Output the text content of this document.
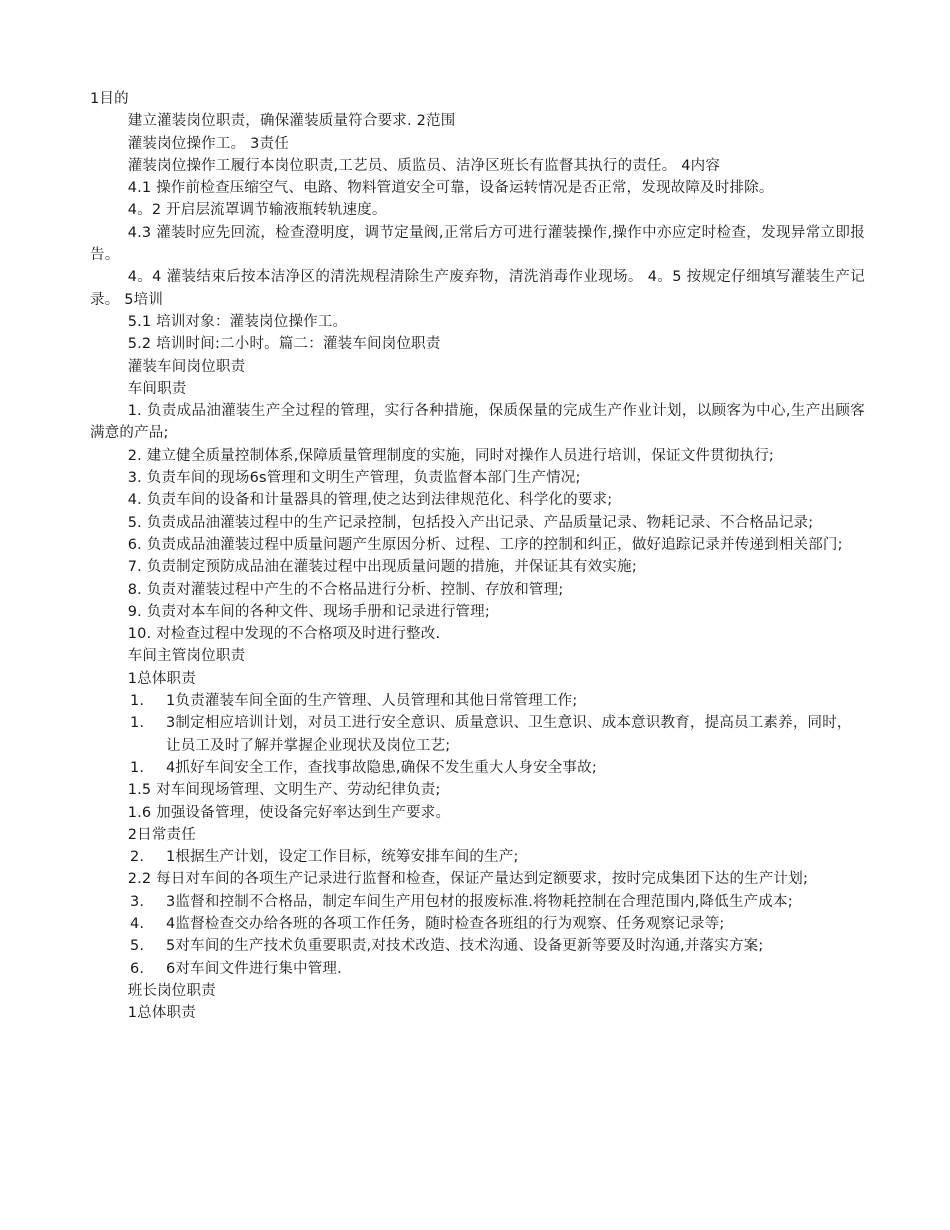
1目的

建立灌装岗位职责，确保灌装质量符合要求. 2范围

灌装岗位操作工。 3责任

灌装岗位操作工履行本岗位职责,工艺员、质监员、洁净区班长有监督其执行的责任。 4内容

4.1 操作前检查压缩空气、电路、物料管道安全可靠，设备运转情况是否正常，发现故障及时排除。

4。2 开启层流罩调节输液瓶转轨速度。

4.3 灌装时应先回流，检查澄明度，调节定量阀,正常后方可进行灌装操作,操作中亦应定时检查，发现异常立即报告。

4。4 灌装结束后按本洁净区的清洗规程清除生产废弃物，清洗消毒作业现场。 4。5 按规定仔细填写灌装生产记录。 5培训

5.1 培训对象：灌装岗位操作工。

5.2 培训时间:二小时。篇二：灌装车间岗位职责

灌装车间岗位职责

车间职责

1. 负责成品油灌装生产全过程的管理，实行各种措施，保质保量的完成生产作业计划，以顾客为中心,生产出顾客满意的产品;

2. 建立健全质量控制体系,保障质量管理制度的实施，同时对操作人员进行培训，保证文件贯彻执行;

3. 负责车间的现场6s管理和文明生产管理，负责监督本部门生产情况;

4. 负责车间的设备和计量器具的管理,使之达到法律规范化、科学化的要求;

5. 负责成品油灌装过程中的生产记录控制，包括投入产出记录、产品质量记录、物耗记录、不合格品记录;

6. 负责成品油灌装过程中质量问题产生原因分析、过程、工序的控制和纠正，做好追踪记录并传递到相关部门;

7. 负责制定预防成品油在灌装过程中出现质量问题的措施，并保证其有效实施;

8. 负责对灌装过程中产生的不合格品进行分析、控制、存放和管理;

9. 负责对本车间的各种文件、现场手册和记录进行管理;

10. 对检查过程中发现的不合格项及时进行整改.

车间主管岗位职责

1总体职责

1. 1负责灌装车间全面的生产管理、人员管理和其他日常管理工作;

1. 3制定相应培训计划，对员工进行安全意识、质量意识、卫生意识、成本意识教育，提高员工素养，同时，让员工及时了解并掌握企业现状及岗位工艺;

1. 4抓好车间安全工作，查找事故隐患,确保不发生重大人身安全事故;

1.5 对车间现场管理、文明生产、劳动纪律负责;

1.6 加强设备管理，使设备完好率达到生产要求。

2日常责任

2. 1根据生产计划，设定工作目标，统筹安排车间的生产;

2.2 每日对车间的各项生产记录进行监督和检查，保证产量达到定额要求，按时完成集团下达的生产计划;

3. 3监督和控制不合格品，制定车间生产用包材的报废标准.将物耗控制在合理范围内,降低生产成本;

4. 4监督检查交办给各班的各项工作任务，随时检查各班组的行为观察、任务观察记录等;

5. 5对车间的生产技术负重要职责,对技术改造、技术沟通、设备更新等要及时沟通,并落实方案;

6. 6对车间文件进行集中管理.

班长岗位职责

1总体职责
